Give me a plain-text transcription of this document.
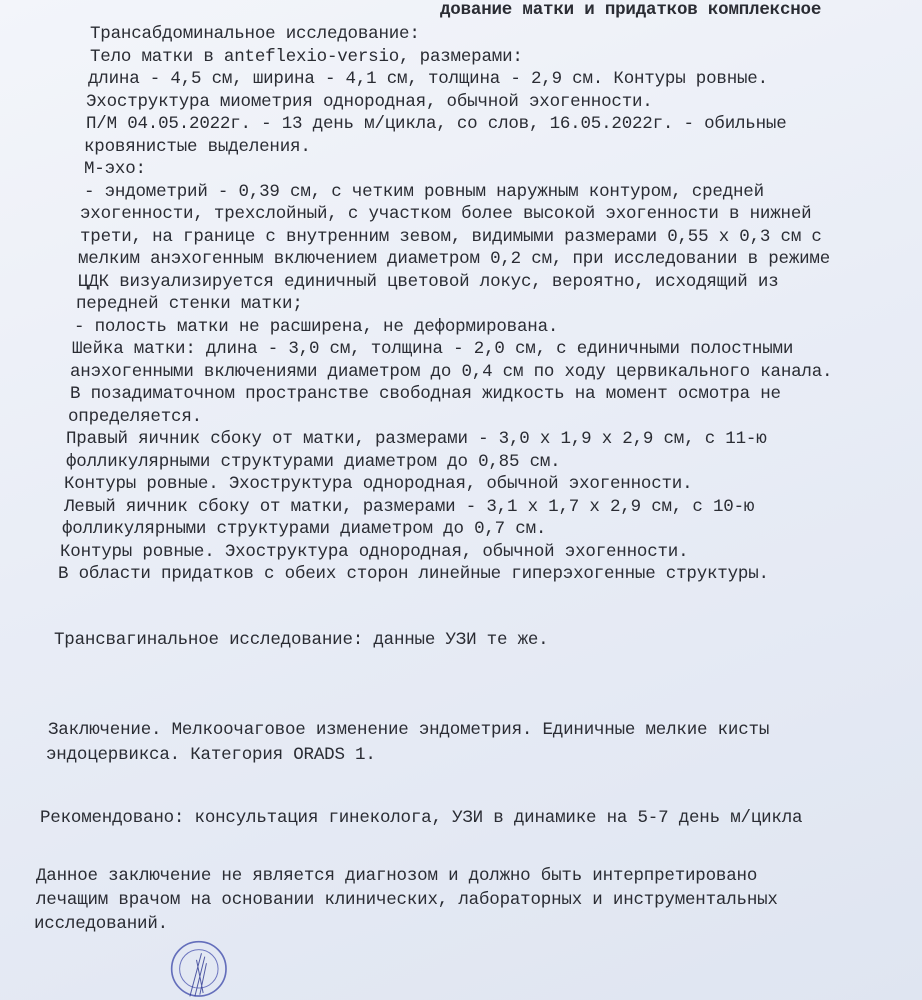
дование матки и придатков комплексное
Трансабдоминальное исследование:
Тело матки в anteflexio-versio, размерами:
длина - 4,5 см, ширина - 4,1 см, толщина - 2,9 см. Контуры ровные.
Эхоструктура миометрия однородная, обычной эхогенности.
П/М 04.05.2022г. - 13 день м/цикла, со слов, 16.05.2022г. - обильные
кровянистые выделения.
М-эхо:
- эндометрий - 0,39 см, с четким ровным наружным контуром, средней
эхогенности, трехслойный, с участком более высокой эхогенности в нижней
трети, на границе с внутренним зевом, видимыми размерами 0,55 х 0,3 см с
мелким анэхогенным включением диаметром 0,2 см, при исследовании в режиме
ЦДК визуализируется единичный цветовой локус, вероятно, исходящий из
передней стенки матки;
- полость матки не расширена, не деформирована.
Шейка матки: длина - 3,0 см, толщина - 2,0 см, с единичными полостными
анэхогенными включениями диаметром до 0,4 см по ходу цервикального канала.
В позадиматочном пространстве свободная жидкость на момент осмотра не
определяется.
Правый яичник сбоку от матки, размерами - 3,0 х 1,9 х 2,9 см, с 11-ю
фолликулярными структурами диаметром до 0,85 см.
Контуры ровные. Эхоструктура однородная, обычной эхогенности.
Левый яичник сбоку от матки, размерами - 3,1 х 1,7 х 2,9 см, с 10-ю
фолликулярными структурами диаметром до 0,7 см.
Контуры ровные. Эхоструктура однородная, обычной эхогенности.
В области придатков с обеих сторон линейные гиперэхогенные структуры.
Трансвагинальное исследование: данные УЗИ те же.
Заключение. Мелкоочаговое изменение эндометрия. Единичные мелкие кисты
эндоцервикса. Категория ORADS 1.
Рекомендовано: консультация гинеколога, УЗИ в динамике на 5-7 день м/цикла
Данное заключение не является диагнозом и должно быть интерпретировано
лечащим врачом на основании клинических, лабораторных и инструментальных
исследований.
